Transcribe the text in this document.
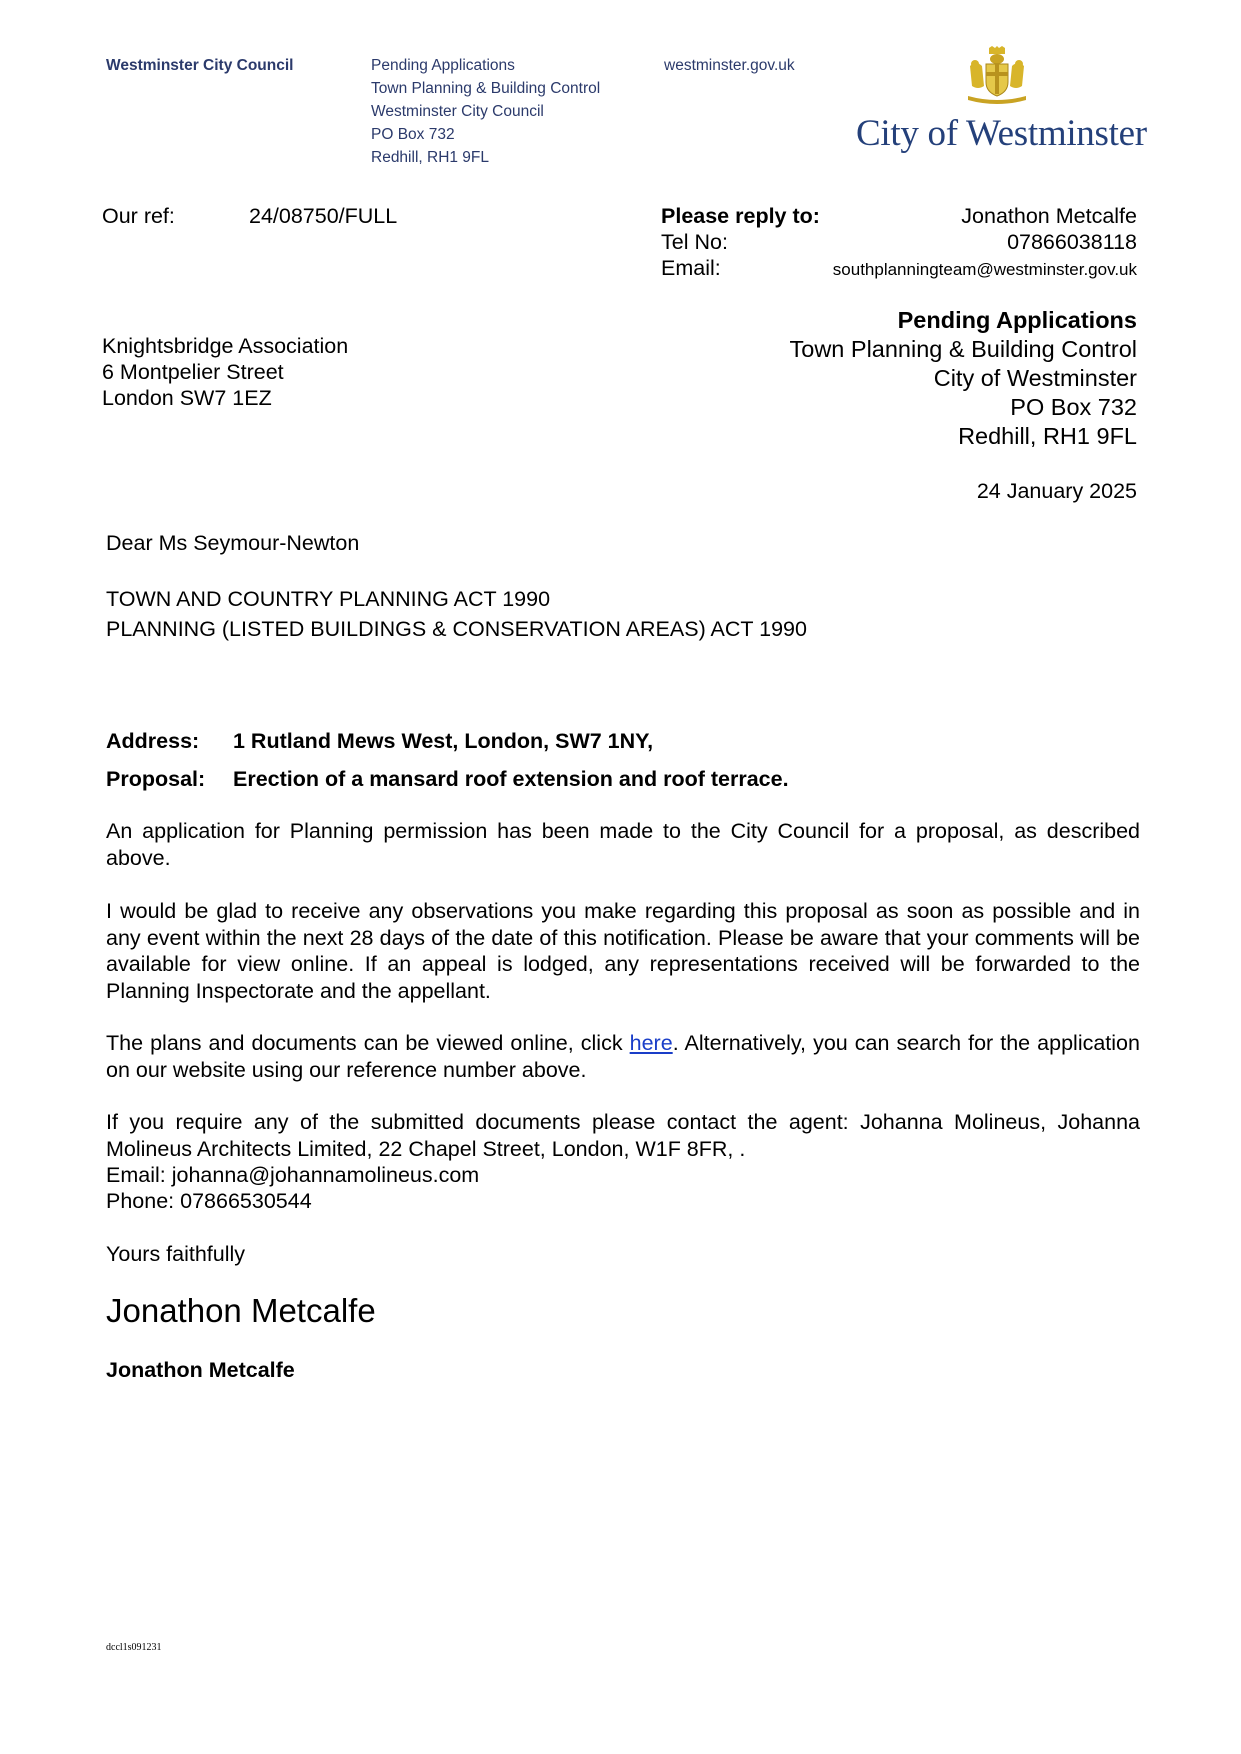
Westminster City Council	Pending Applications
Town Planning & Building Control
Westminster City Council
PO Box 732
Redhill, RH1 9FL
westminster.gov.uk
City of Westminster
Our ref:	24/08750/FULL	Please reply to:	Jonathon Metcalfe
Tel No:	07866038118
Email:	southplanningteam@westminster.gov.uk
Knightsbridge Association
6 Montpelier Street
London SW7 1EZ
Pending Applications
Town Planning & Building Control
City of Westminster
PO Box 732
Redhill, RH1 9FL
24 January 2025
Dear Ms Seymour-Newton
TOWN AND COUNTRY PLANNING ACT 1990
PLANNING (LISTED BUILDINGS & CONSERVATION AREAS) ACT 1990
Address: 1 Rutland Mews West, London, SW7 1NY,
Proposal: Erection of a mansard roof extension and roof terrace.
An application for Planning permission has been made to the City Council for a proposal, as described above.
I would be glad to receive any observations you make regarding this proposal as soon as possible and in any event within the next 28 days of the date of this notification. Please be aware that your comments will be available for view online. If an appeal is lodged, any representations received will be forwarded to the Planning Inspectorate and the appellant.
The plans and documents can be viewed online, click here. Alternatively, you can search for the application on our website using our reference number above.
If you require any of the submitted documents please contact the agent: Johanna Molineus, Johanna Molineus Architects Limited, 22 Chapel Street, London, W1F 8FR, .
Email: johanna@johannamolineus.com
Phone: 07866530544
Yours faithfully
Jonathon Metcalfe
Jonathon Metcalfe
dccl1s091231
